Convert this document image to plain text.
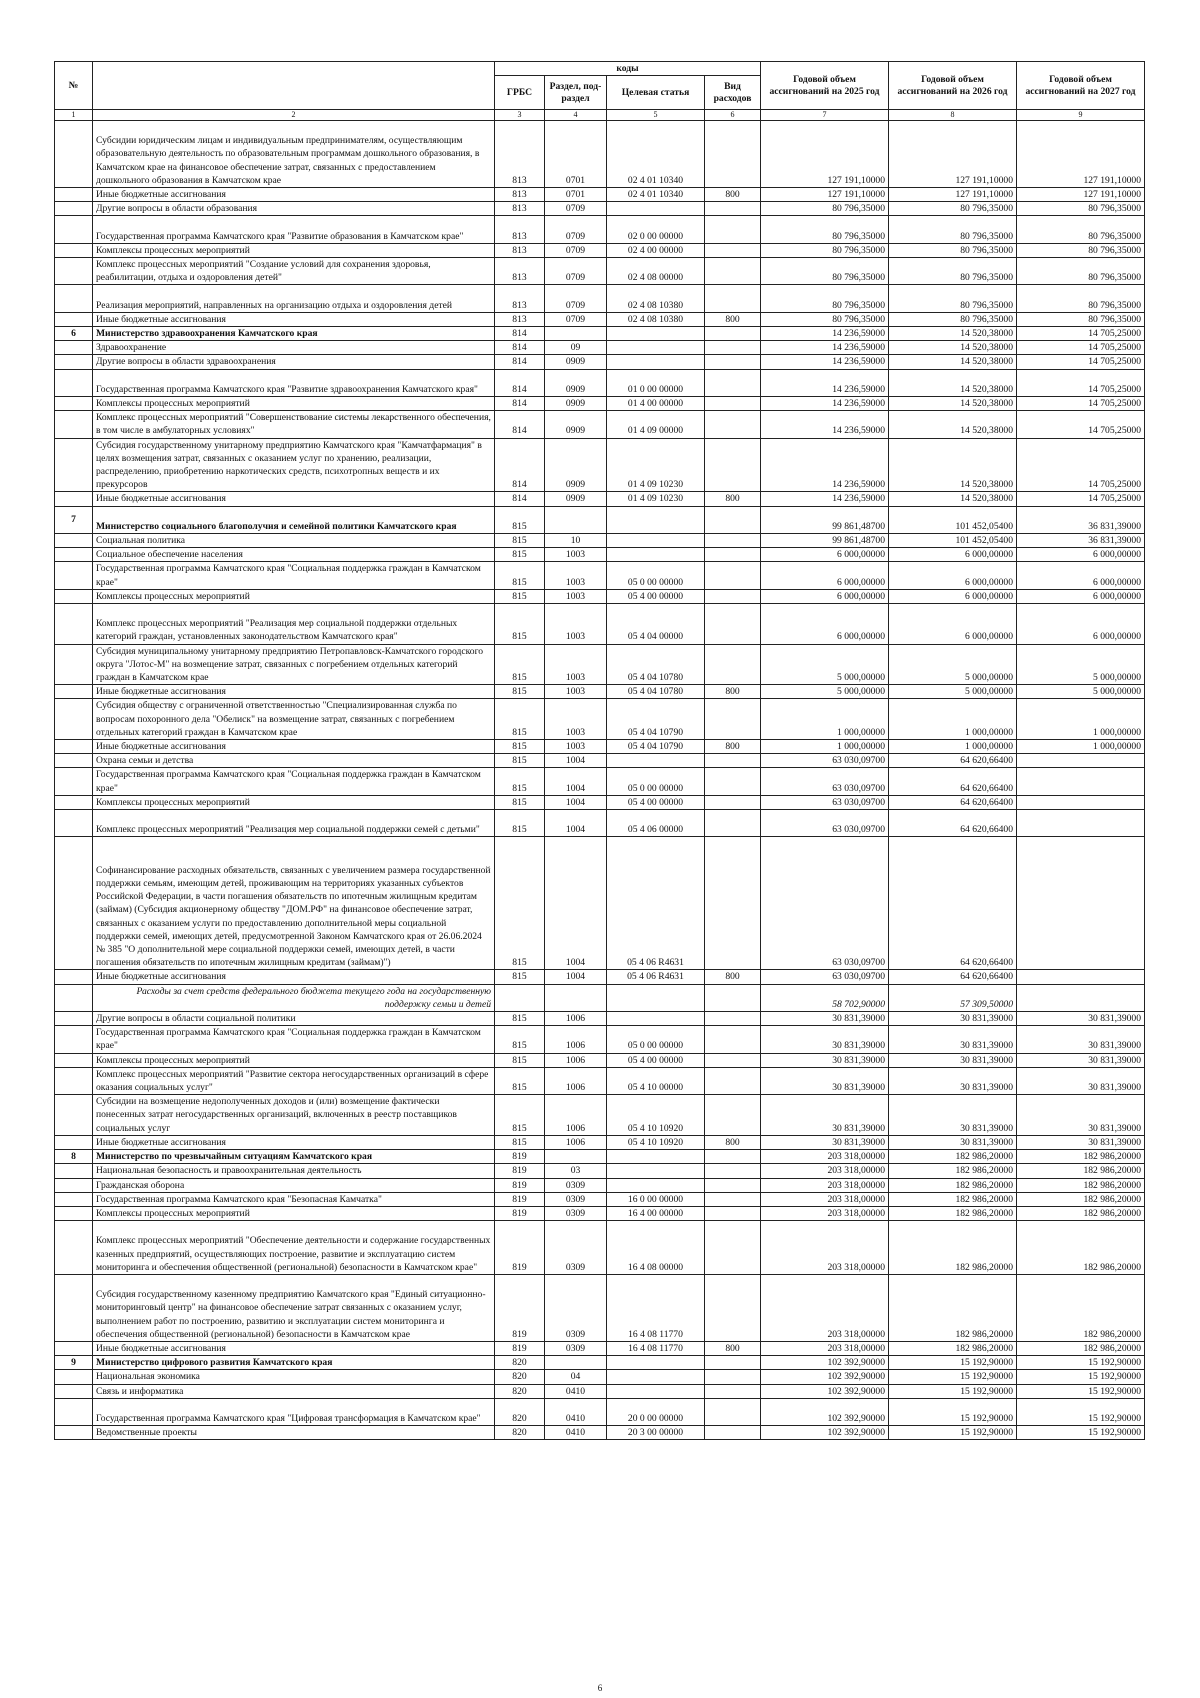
№		коды				Годовой объем ассигнований на 2025 год	Годовой объем ассигнований на 2026 год	Годовой объем ассигнований на 2027 год
		ГРБС	Раздел, под-раздел	Целевая статья	Вид расходов			
1	2	3	4	5	6	7	8	9
	Субсидии юридическим лицам и индивидуальным предпринимателям, осуществляющим образовательную деятельность по образовательным программам дошкольного образования, в Камчатском крае на финансовое обеспечение затрат, связанных с предоставлением дошкольного образования в Камчатском крае	813	0701	02 4 01 10340		127 191,10000	127 191,10000	127 191,10000
	Иные бюджетные ассигнования	813	0701	02 4 01 10340	800	127 191,10000	127 191,10000	127 191,10000
	Другие вопросы в области образования	813	0709			80 796,35000	80 796,35000	80 796,35000
	Государственная программа Камчатского края "Развитие образования в Камчатском крае"	813	0709	02 0 00 00000		80 796,35000	80 796,35000	80 796,35000
	Комплексы процессных мероприятий	813	0709	02 4 00 00000		80 796,35000	80 796,35000	80 796,35000
	Комплекс процессных мероприятий "Создание условий для сохранения здоровья, реабилитации, отдыха и оздоровления детей"	813	0709	02 4 08 00000		80 796,35000	80 796,35000	80 796,35000
	Реализация мероприятий, направленных на организацию отдыха и оздоровления детей	813	0709	02 4 08 10380		80 796,35000	80 796,35000	80 796,35000
	Иные бюджетные ассигнования	813	0709	02 4 08 10380	800	80 796,35000	80 796,35000	80 796,35000
6	Министерство здравоохранения Камчатского края	814				14 236,59000	14 520,38000	14 705,25000
	Здравоохранение	814	09			14 236,59000	14 520,38000	14 705,25000
	Другие вопросы в области здравоохранения	814	0909			14 236,59000	14 520,38000	14 705,25000
	Государственная программа Камчатского края "Развитие здравоохранения Камчатского края"	814	0909	01 0 00 00000		14 236,59000	14 520,38000	14 705,25000
	Комплексы процессных мероприятий	814	0909	01 4 00 00000		14 236,59000	14 520,38000	14 705,25000
	Комплекс процессных мероприятий "Совершенствование системы лекарственного обеспечения, в том числе в амбулаторных условиях"	814	0909	01 4 09 00000		14 236,59000	14 520,38000	14 705,25000
	Субсидия государственному унитарному предприятию Камчатского края "Камчатфармация" в целях возмещения затрат, связанных с оказанием услуг по хранению, реализации, распределению, приобретению наркотических средств, психотропных веществ и их прекурсоров	814	0909	01 4 09 10230		14 236,59000	14 520,38000	14 705,25000
	Иные бюджетные ассигнования	814	0909	01 4 09 10230	800	14 236,59000	14 520,38000	14 705,25000
7	Министерство социального благополучия и семейной политики Камчатского края	815				99 861,48700	101 452,05400	36 831,39000
	Социальная политика	815	10			99 861,48700	101 452,05400	36 831,39000
	Социальное обеспечение населения	815	1003			6 000,00000	6 000,00000	6 000,00000
	Государственная программа Камчатского края "Социальная поддержка граждан в Камчатском крае"	815	1003	05 0 00 00000		6 000,00000	6 000,00000	6 000,00000
	Комплексы процессных мероприятий	815	1003	05 4 00 00000		6 000,00000	6 000,00000	6 000,00000
	Комплекс процессных мероприятий "Реализация мер социальной поддержки отдельных категорий граждан, установленных законодательством Камчатского края"	815	1003	05 4 04 00000		6 000,00000	6 000,00000	6 000,00000
	Субсидия муниципальному унитарному предприятию Петропавловск-Камчатского городского округа "Лотос-М" на возмещение затрат, связанных с погребением отдельных категорий граждан в Камчатском крае	815	1003	05 4 04 10780		5 000,00000	5 000,00000	5 000,00000
	Иные бюджетные ассигнования	815	1003	05 4 04 10780	800	5 000,00000	5 000,00000	5 000,00000
	Субсидия обществу с ограниченной ответственностью "Специализированная служба по вопросам похоронного дела "Обелиск" на возмещение затрат, связанных с погребением отдельных категорий граждан в Камчатском крае	815	1003	05 4 04 10790		1 000,00000	1 000,00000	1 000,00000
	Иные бюджетные ассигнования	815	1003	05 4 04 10790	800	1 000,00000	1 000,00000	1 000,00000
	Охрана семьи и детства	815	1004			63 030,09700	64 620,66400	
	Государственная программа Камчатского края "Социальная поддержка граждан в Камчатском крае"	815	1004	05 0 00 00000		63 030,09700	64 620,66400	
	Комплексы процессных мероприятий	815	1004	05 4 00 00000		63 030,09700	64 620,66400	
	Комплекс процессных мероприятий "Реализация мер социальной поддержки семей с детьми"	815	1004	05 4 06 00000		63 030,09700	64 620,66400	
	Софинансирование расходных обязательств, связанных с увеличением размера государственной поддержки семьям, имеющим детей, проживающим на территориях указанных субъектов Российской Федерации, в части погашения обязательств по ипотечным жилищным кредитам (займам) (Субсидия акционерному обществу "ДОМ.РФ" на финансовое обеспечение затрат, связанных с оказанием услуги по предоставлению дополнительной меры социальной поддержки семей, имеющих детей, предусмотренной Законом Камчатского края от 26.06.2024 № 385 "О дополнительной мере социальной поддержки семей, имеющих детей, в части погашения обязательств по ипотечным жилищным кредитам (займам)")	815	1004	05 4 06 R4631		63 030,09700	64 620,66400	
	Иные бюджетные ассигнования	815	1004	05 4 06 R4631	800	63 030,09700	64 620,66400	
	Расходы за счет средств федерального бюджета текущего года на государственную поддержку семьи и детей					58 702,90000	57 309,50000	
	Другие вопросы в области социальной политики	815	1006			30 831,39000	30 831,39000	30 831,39000
	Государственная программа Камчатского края "Социальная поддержка граждан в Камчатском крае"	815	1006	05 0 00 00000		30 831,39000	30 831,39000	30 831,39000
	Комплексы процессных мероприятий	815	1006	05 4 00 00000		30 831,39000	30 831,39000	30 831,39000
	Комплекс процессных мероприятий "Развитие сектора негосударственных организаций в сфере оказания социальных услуг"	815	1006	05 4 10 00000		30 831,39000	30 831,39000	30 831,39000
	Субсидии на возмещение недополученных доходов и (или) возмещение фактически понесенных затрат негосударственных организаций, включенных в реестр поставщиков социальных услуг	815	1006	05 4 10 10920		30 831,39000	30 831,39000	30 831,39000
	Иные бюджетные ассигнования	815	1006	05 4 10 10920	800	30 831,39000	30 831,39000	30 831,39000
8	Министерство по чрезвычайным ситуациям Камчатского края	819				203 318,00000	182 986,20000	182 986,20000
	Национальная безопасность и правоохранительная деятельность	819	03			203 318,00000	182 986,20000	182 986,20000
	Гражданская оборона	819	0309			203 318,00000	182 986,20000	182 986,20000
	Государственная программа Камчатского края "Безопасная Камчатка"	819	0309	16 0 00 00000		203 318,00000	182 986,20000	182 986,20000
	Комплексы процессных мероприятий	819	0309	16 4 00 00000		203 318,00000	182 986,20000	182 986,20000
	Комплекс процессных мероприятий "Обеспечение деятельности и содержание государственных казенных предприятий, осуществляющих построение, развитие и эксплуатацию систем мониторинга и обеспечения общественной (региональной) безопасности в Камчатском крае"	819	0309	16 4 08 00000		203 318,00000	182 986,20000	182 986,20000
	Субсидия государственному казенному предприятию Камчатского края "Единый ситуационно-мониторинговый центр" на финансовое обеспечение затрат связанных с оказанием услуг, выполнением работ по построению, развитию и эксплуатации систем мониторинга и обеспечения общественной (региональной) безопасности в Камчатском крае	819	0309	16 4 08 11770		203 318,00000	182 986,20000	182 986,20000
	Иные бюджетные ассигнования	819	0309	16 4 08 11770	800	203 318,00000	182 986,20000	182 986,20000
9	Министерство цифрового развития Камчатского края	820				102 392,90000	15 192,90000	15 192,90000
	Национальная экономика	820	04			102 392,90000	15 192,90000	15 192,90000
	Связь и информатика	820	0410			102 392,90000	15 192,90000	15 192,90000
	Государственная программа Камчатского края "Цифровая трансформация в Камчатском крае"	820	0410	20 0 00 00000		102 392,90000	15 192,90000	15 192,90000
	Ведомственные проекты	820	0410	20 3 00 00000		102 392,90000	15 192,90000	15 192,90000
6
